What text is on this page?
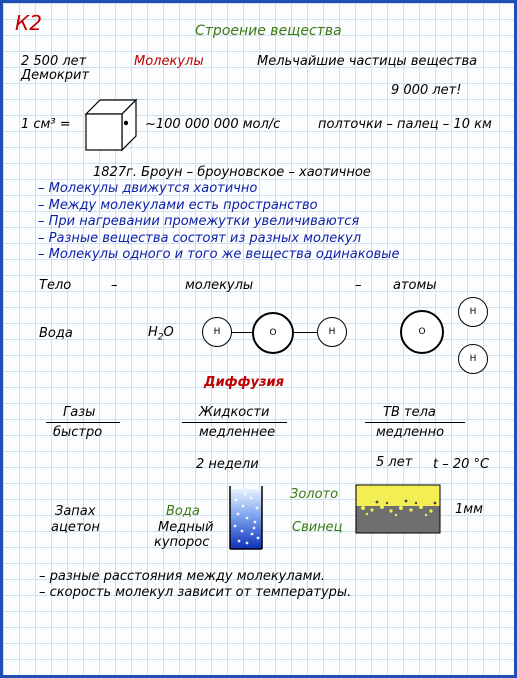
К2	Строение вещества
2 500 лет
Демокрит
Молекулы	Мельчайшие частицы вещества
9 000 лет!
1 см³ =	~100 000 000 мол/с	полточки – палец – 10 км
1827г. Броун – броуновское – хаотичное
– Молекулы движутся хаотично
– Между молекулами есть пространство
– При нагревании промежутки увеличиваются
– Разные вещества состоят из разных молекул
– Молекулы одного и того же вещества одинаковые
Тело	–	молекулы	– атомы
Вода	$H_2O$	H	O	H	O
H
H
Диффузия
Газы
быстро
Жидкости
медленнее
ТВ тела
медленно
2 недели	5 лет t – 20 °C
Запах
ацетон
Вода
Медный
купорос
Золото
Свинец
1мм
– разные расстояния между молекулами.
– скорость молекул зависит от температуры.
